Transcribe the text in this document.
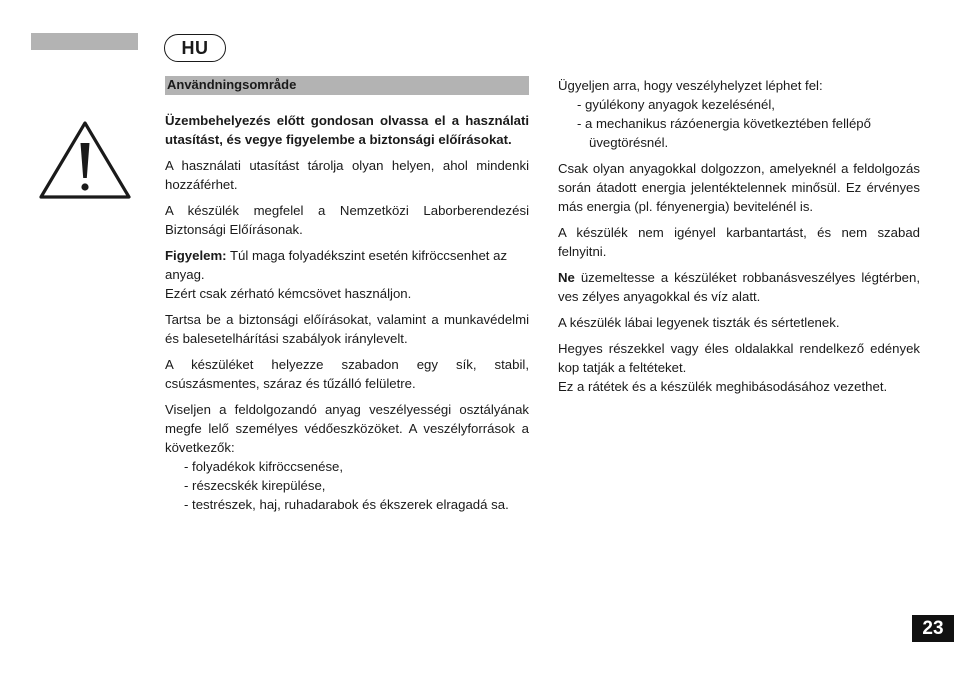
HU
Användningsområde

Üzembehelyezés előtt gondosan olvassa el a használati utasítást, és vegye figyelembe a biztonsági előírásokat.

A használati utasítást tárolja olyan helyen, ahol mindenki hozzáférhet.

A készülék megfelel a Nemzetközi Laborberendezési Biztonsági Előírásonak.

Figyelem: Túl maga folyadékszint esetén kifröccsenhet az anyag.

Ezért csak zérható kémcsövet használjon.

Tartsa be a biztonsági előírásokat, valamint a munkavédelmi és balesetelhárítási szabályok iránylevelt.

A készüléket helyezze szabadon egy sík, stabil, csúszásmentes, száraz és tűzálló felületre.

Viseljen a feldolgozandó anyag veszélyességi osztályának megfe lelő személyes védőeszközöket. A veszélyforrások a következők:

- folyadékok kifröccsenése,
- részecskék kirepülése,
- testrészek, haj, ruhadarabok és ékszerek elragadá sa.

Ügyeljen arra, hogy veszélyhelyzet léphet fel:

- gyúlékony anyagok kezelésénél,
- a mechanikus rázóenergia következtében fellépő

üvegtörésnél.

Csak olyan anyagokkal dolgozzon, amelyeknél a feldolgozás során átadott energia jelentéktelennek minősül. Ez érvényes más energia (pl. fényenergia) bevitelénél is.

A készülék nem igényel karbantartást, és nem szabad felnyitni.

Ne üzemeltesse a készüléket robbanásveszélyes légtérben, ves zélyes anyagokkal és víz alatt.

A készülék lábai legyenek tiszták és sértetlenek.

Hegyes részekkel vagy éles oldalakkal rendelkező edények kop tatják a feltéteket.

Ez a rátétek és a készülék meghibásodásához vezethet.

23
